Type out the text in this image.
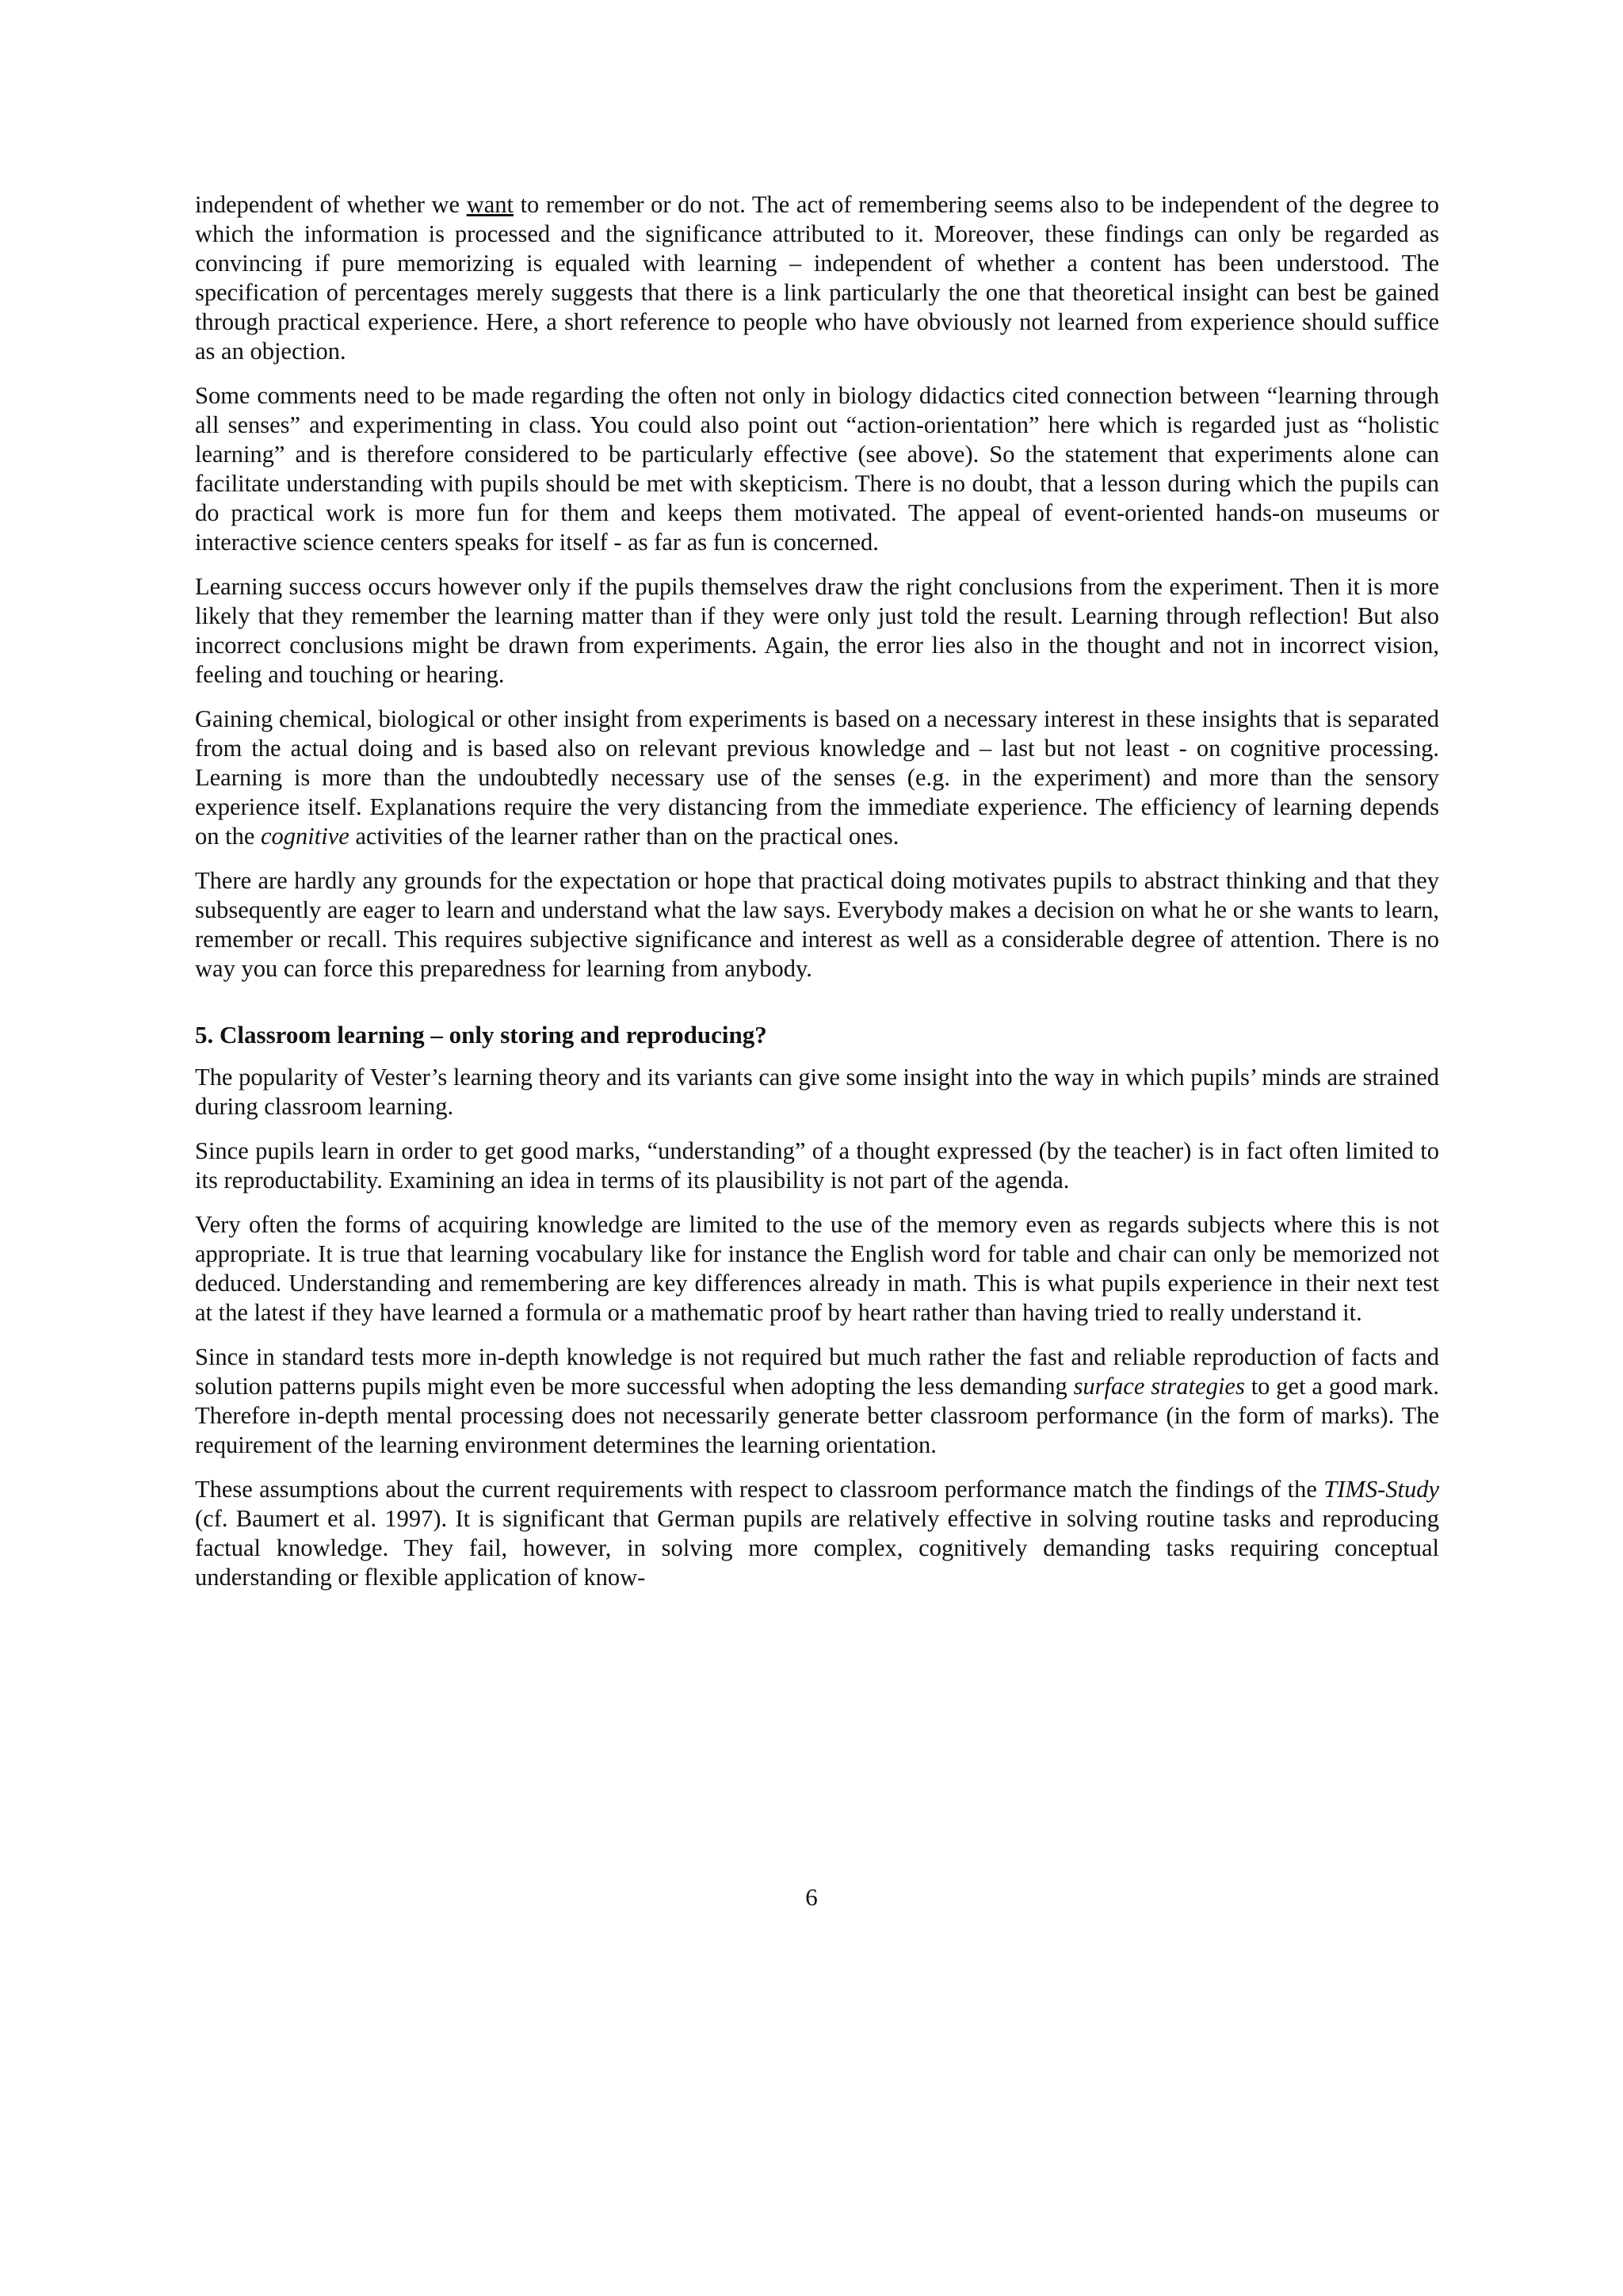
independent of whether we want to remember or do not. The act of remembering seems also to be independent of the degree to which the information is processed and the significance attributed to it. Moreover, these findings can only be regarded as convincing if pure memorizing is equaled with learning – independent of whether a content has been understood. The specification of percentages merely suggests that there is a link particularly the one that theoretical insight can best be gained through practical experience. Here, a short reference to people who have obviously not learned from experience should suffice as an objection.

Some comments need to be made regarding the often not only in biology didactics cited connection between “learning through all senses” and experimenting in class. You could also point out “action-orientation” here which is regarded just as “holistic learning” and is therefore considered to be particularly effective (see above). So the statement that experiments alone can facilitate understanding with pupils should be met with skepticism. There is no doubt, that a lesson during which the pupils can do practical work is more fun for them and keeps them motivated. The appeal of event-oriented hands-on museums or interactive science centers speaks for itself - as far as fun is concerned.

Learning success occurs however only if the pupils themselves draw the right conclusions from the experiment. Then it is more likely that they remember the learning matter than if they were only just told the result. Learning through reflection! But also incorrect conclusions might be drawn from experiments. Again, the error lies also in the thought and not in incorrect vision, feeling and touching or hearing.

Gaining chemical, biological or other insight from experiments is based on a necessary interest in these insights that is separated from the actual doing and is based also on relevant previous knowledge and – last but not least - on cognitive processing. Learning is more than the undoubtedly necessary use of the senses (e.g. in the experiment) and more than the sensory experience itself. Explanations require the very distancing from the immediate experience. The efficiency of learning depends on the cognitive activities of the learner rather than on the practical ones.

There are hardly any grounds for the expectation or hope that practical doing motivates pupils to abstract thinking and that they subsequently are eager to learn and understand what the law says. Everybody makes a decision on what he or she wants to learn, remember or recall. This requires subjective significance and interest as well as a considerable degree of attention. There is no way you can force this preparedness for learning from anybody.

5. Classroom learning – only storing and reproducing?

The popularity of Vester’s learning theory and its variants can give some insight into the way in which pupils’ minds are strained during classroom learning.

Since pupils learn in order to get good marks, “understanding” of a thought expressed (by the teacher) is in fact often limited to its reproductability. Examining an idea in terms of its plausibility is not part of the agenda.

Very often the forms of acquiring knowledge are limited to the use of the memory even as regards subjects where this is not appropriate. It is true that learning vocabulary like for instance the English word for table and chair can only be memorized not deduced. Understanding and remembering are key differences already in math. This is what pupils experience in their next test at the latest if they have learned a formula or a mathematic proof by heart rather than having tried to really understand it.

Since in standard tests more in-depth knowledge is not required but much rather the fast and reliable reproduction of facts and solution patterns pupils might even be more successful when adopting the less demanding surface strategies to get a good mark. Therefore in-depth mental processing does not necessarily generate better classroom performance (in the form of marks). The requirement of the learning environment determines the learning orientation.

These assumptions about the current requirements with respect to classroom performance match the findings of the TIMS-Study (cf. Baumert et al. 1997). It is significant that German pupils are relatively effective in solving routine tasks and reproducing factual knowledge. They fail, however, in solving more complex, cognitively demanding tasks requiring conceptual understanding or flexible application of know-

6
